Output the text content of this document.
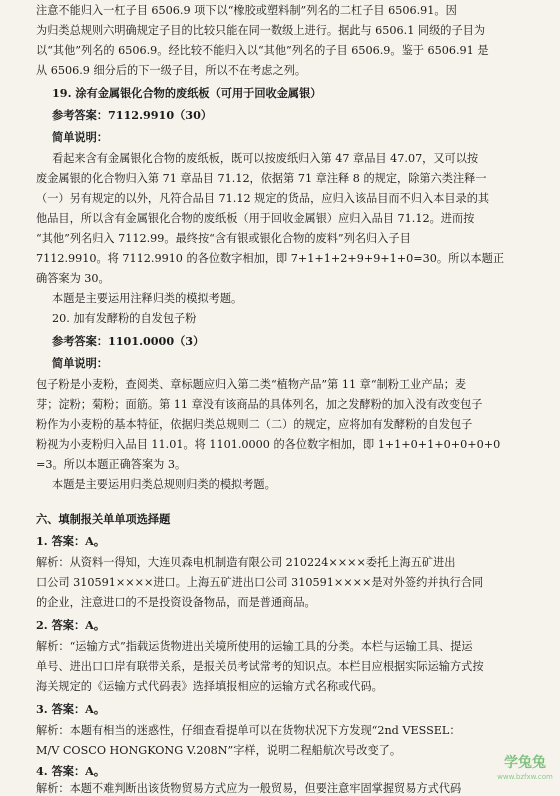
注意不能归入一杠子目 6506.9 项下以“橡胶或塑料制”列名的二杠子目 6506.91。因
为归类总规则六明确规定子目的比较只能在同一数级上进行。据此与 6506.1 同级的子目为
以“其他”列名的 6506.9。经比较不能归入以“其他”列名的子目 6506.9。鉴于 6506.91 是
从 6506.9 细分后的下一级子目，所以不在考虑之列。
19. 涂有金属银化合物的废纸板（可用于回收金属银）
参考答案：7112.9910（30）
简单说明：
看起来含有金属银化合物的废纸板，既可以按废纸归入第 47 章品目 47.07，又可以按
废金属银的化合物归入第 71 章品目 71.12，依据第 71 章注释 8 的规定，除第六类注释一
（一）另有规定的以外，凡符合品目 71.12 规定的货品，应归入该品目而不归入本目录的其
他品目，所以含有金属银化合物的废纸板（用于回收金属银）应归入品目 71.12。进而按
“其他”列名归入 7112.99。最终按“含有银或银化合物的废料”列名归入子目
7112.9910。将 7112.9910 的各位数字相加，即 7+1+1+2+9+9+1+0=30。所以本题正
确答案为 30。
本题是主要运用注释归类的模拟考题。
20. 加有发酵粉的自发包子粉
参考答案：1101.0000（3）
简单说明：
包子粉是小麦粉，查阅类、章标题应归入第二类“植物产品”第 11 章“制粉工业产品；麦
芽；淀粉；菊粉；面筋。第 11 章没有该商品的具体列名，加之发酵粉的加入没有改变包子
粉作为小麦粉的基本特征，依据归类总规则二（二）的规定，应将加有发酵粉的自发包子
粉视为小麦粉归入品目 11.01。将 1101.0000 的各位数字相加，即 1+1+0+1+0+0+0+0
=3。所以本题正确答案为 3。
本题是主要运用归类总规则归类的模拟考题。
六、填制报关单单项选择题
1. 答案：A。
解析：从资料一得知，大连贝森电机制造有限公司 210224××××委托上海五矿进出
口公司 310591××××进口。上海五矿进出口公司 310591××××是对外签约并执行合同
的企业，注意进口的不是投资设备物品，而是普通商品。
2. 答案：A。
解析：“运输方式”指载运货物进出关境所使用的运输工具的分类。本栏与运输工具、提运
单号、进出口口岸有联带关系，是报关员考试常考的知识点。本栏目应根据实际运输方式按
海关规定的《运输方式代码表》选择填报相应的运输方式名称或代码。
3. 答案：A。
解析：本题有相当的迷惑性，仔细查看提单可以在货物状况下方发现“2nd VESSEL：
M/V COSCO HONGKONG V.208N”字样，说明二程船航次号改变了。
4. 答案：A。
解析：本题不难判断出该货物贸易方式应为一般贸易，但要注意牢固掌握贸易方式代码
学兔兔
www.bzfxw.com
